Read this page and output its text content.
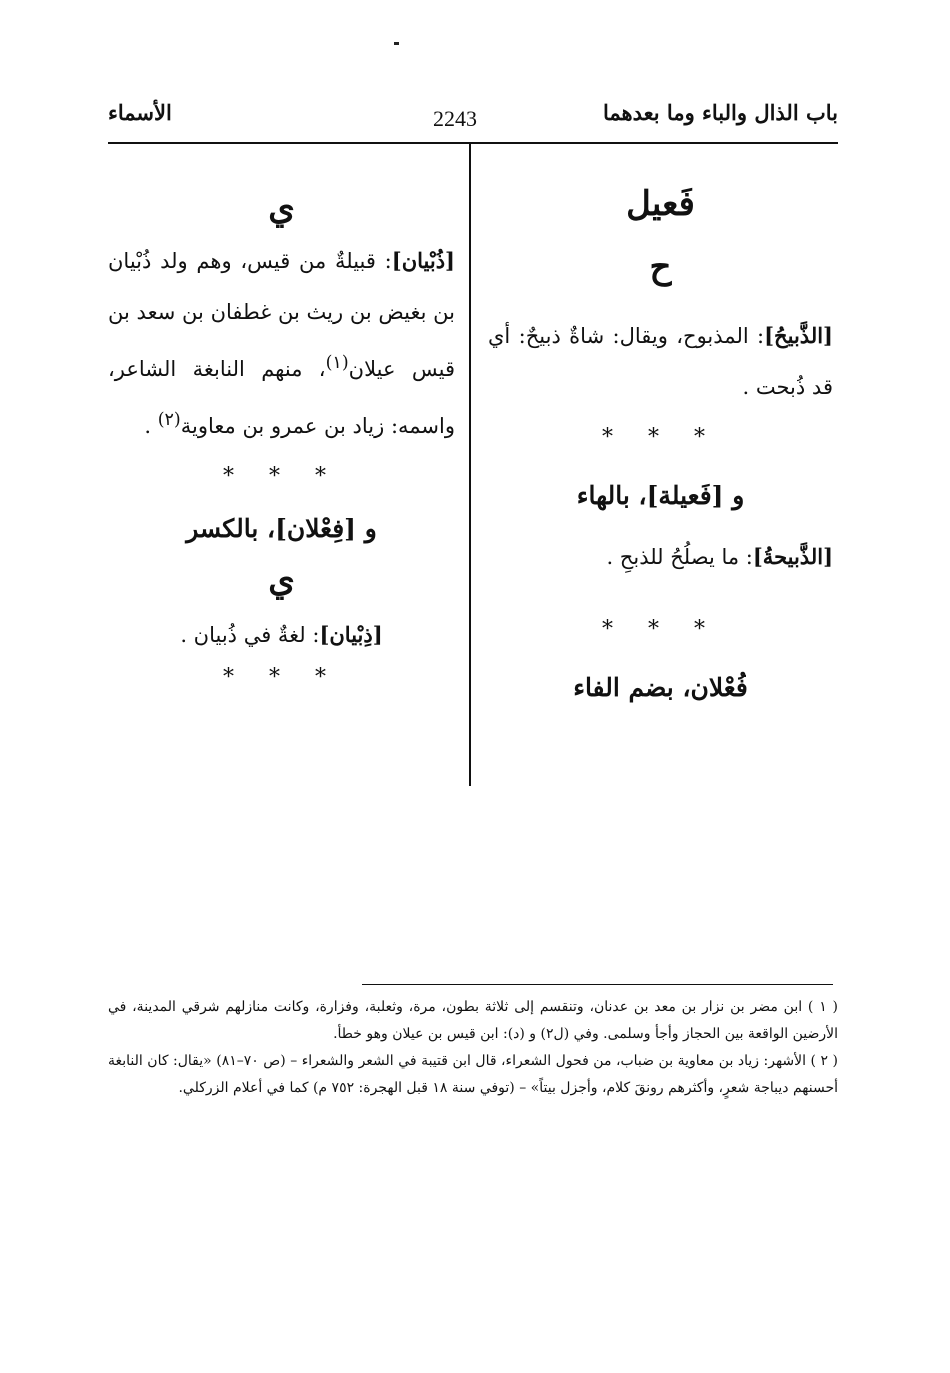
باب الذال والباء وما بعدهما
2243
الأسماء

فَعيل

ح

[الذَّبيحُ]: المذبوح، ويقال: شاةٌ ذبيحٌ: أي قد ذُبحت .

* * *

و [فَعيلة]، بالهاء

[الذَّبيحةُ]: ما يصلُحُ للذبحِ .

* * *

فُعْلان، بضم الفاء

ي

[ذُبْيان]: قبيلةٌ من قيس، وهم ولد ذُبْيان بن بغيض بن ريث بن غطفان بن سعد بن قيس عيلان$^{(١)}$، منهم النابغة الشاعر، واسمه: زياد بن عمرو بن معاوية$^{(٢)}$ .

* * *

و [فِعْلان]، بالكسر

ي

[ذِبْيان]: لغةٌ في ذُبيان .

* * *

( ١ ) ابن مضر بن نزار بن معد بن عدنان، وتنقسم إلى ثلاثة بطون، مرة، وثعلبة، وفزارة، وكانت منازلهم شرقي المدينة، في الأرضين الواقعة بين الحجاز وأجأ وسلمى. وفي (ل٢) و (د): ابن قيس بن عيلان وهو خطأ.

( ٢ ) الأشهر: زياد بن معاوية بن ضباب، من فحول الشعراء، قال ابن قتيبة في الشعر والشعراء – (ص ٧٠–٨١) «يقال: كان النابغة أحسنهم ديباجة شعرٍ، وأكثرهم رونقَ كلام، وأجزل بيتاً» – (توفي سنة ١٨ قبل الهجرة: ٧٥٢ م) كما في أعلام الزركلي.
